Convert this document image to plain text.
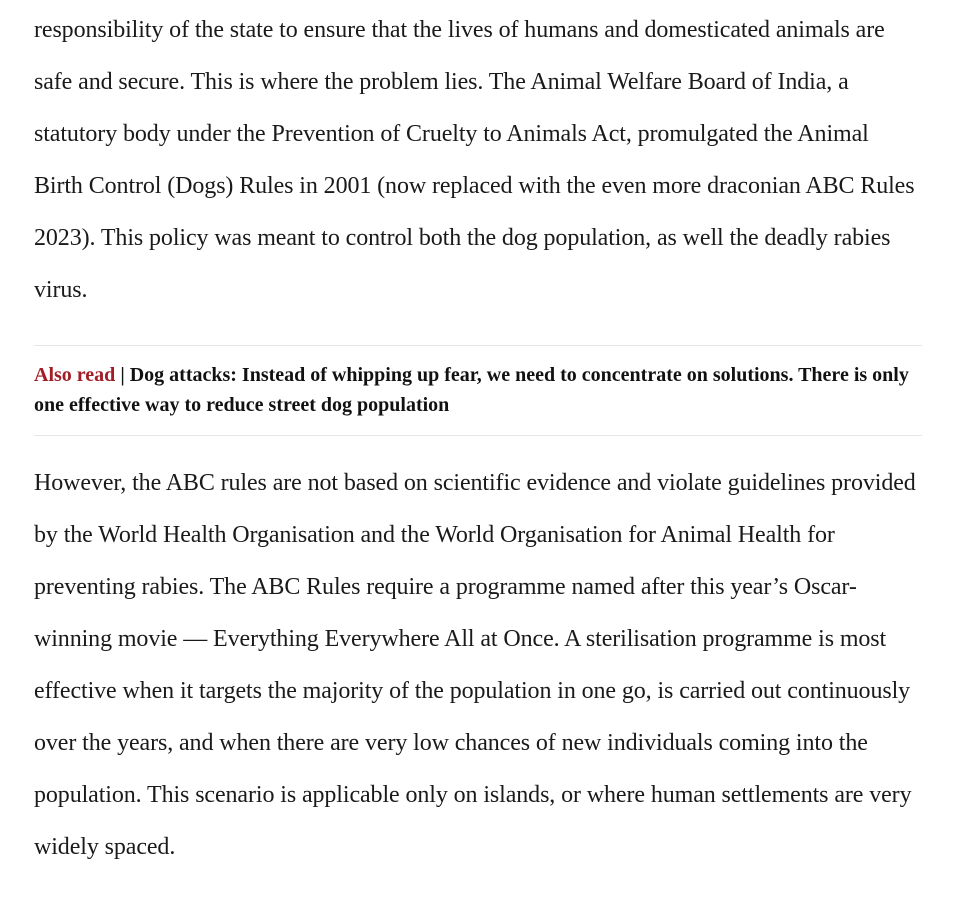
responsibility of the state to ensure that the lives of humans and domesticated animals are safe and secure. This is where the problem lies. The Animal Welfare Board of India, a statutory body under the Prevention of Cruelty to Animals Act, promulgated the Animal Birth Control (Dogs) Rules in 2001 (now replaced with the even more draconian ABC Rules 2023). This policy was meant to control both the dog population, as well the deadly rabies virus.

Also read | Dog attacks: Instead of whipping up fear, we need to concentrate on solutions. There is only one effective way to reduce street dog population

However, the ABC rules are not based on scientific evidence and violate guidelines provided by the World Health Organisation and the World Organisation for Animal Health for preventing rabies. The ABC Rules require a programme named after this year’s Oscar-winning movie — Everything Everywhere All at Once. A sterilisation programme is most effective when it targets the majority of the population in one go, is carried out continuously over the years, and when there are very low chances of new individuals coming into the population. This scenario is applicable only on islands, or where human settlements are very widely spaced.
